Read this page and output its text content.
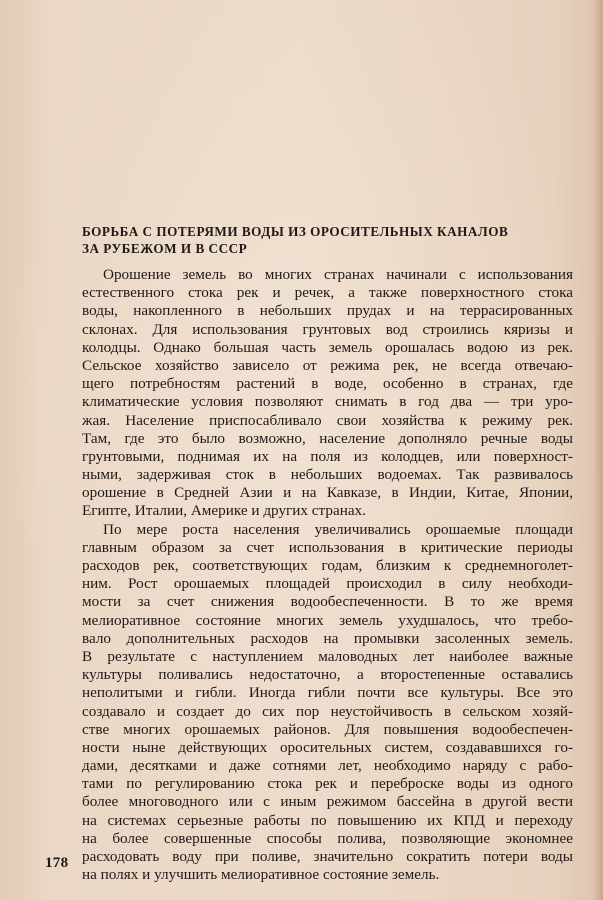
БОРЬБА С ПОТЕРЯМИ ВОДЫ ИЗ ОРОСИТЕЛЬНЫХ КАНАЛОВ
ЗА РУБЕЖОМ И В СССР
Орошение земель во многих странах начинали с использования
естественного стока рек и речек, а также поверхностного стока
воды, накопленного в небольших прудах и на террасированных
склонах. Для использования грунтовых вод строились кяризы и
колодцы. Однако большая часть земель орошалась водою из рек.
Сельское хозяйство зависело от режима рек, не всегда отвечаю-
щего потребностям растений в воде, особенно в странах, где
климатические условия позволяют снимать в год два — три уро-
жая. Население приспосабливало свои хозяйства к режиму рек.
Там, где это было возможно, население дополняло речные воды
грунтовыми, поднимая их на поля из колодцев, или поверхност-
ными, задерживая сток в небольших водоемах. Так развивалось
орошение в Средней Азии и на Кавказе, в Индии, Китае, Японии,
Египте, Италии, Америке и других странах.
По мере роста населения увеличивались орошаемые площади
главным образом за счет использования в критические периоды
расходов рек, соответствующих годам, близким к среднемноголет-
ним. Рост орошаемых площадей происходил в силу необходи-
мости за счет снижения водообеспеченности. В то же время
мелиоративное состояние многих земель ухудшалось, что требо-
вало дополнительных расходов на промывки засоленных земель.
В результате с наступлением маловодных лет наиболее важные
культуры поливались недостаточно, а второстепенные оставались
неполитыми и гибли. Иногда гибли почти все культуры. Все это
создавало и создает до сих пор неустойчивость в сельском хозяй-
стве многих орошаемых районов. Для повышения водообеспечен-
ности ныне действующих оросительных систем, создававшихся го-
дами, десятками и даже сотнями лет, необходимо наряду с рабо-
тами по регулированию стока рек и переброске воды из одного
более многоводного или с иным режимом бассейна в другой вести
на системах серьезные работы по повышению их КПД и переходу
на более совершенные способы полива, позволяющие экономнее
расходовать воду при поливе, значительно сократить потери воды
на полях и улучшить мелиоративное состояние земель.
178
